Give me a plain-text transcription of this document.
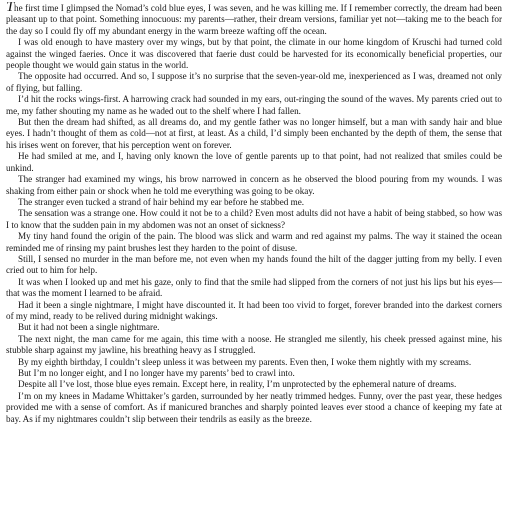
The first time I glimpsed the Nomad’s cold blue eyes, I was seven, and he was killing me. If I remember correctly, the dream had been pleasant up to that point. Something innocuous: my parents—rather, their dream versions, familiar yet not—taking me to the beach for the day so I could fly off my abundant energy in the warm breeze wafting off the ocean.

I was old enough to have mastery over my wings, but by that point, the climate in our home kingdom of Kruschi had turned cold against the winged faeries. Once it was discovered that faerie dust could be harvested for its economically beneficial properties, our people thought we would gain status in the world.

The opposite had occurred. And so, I suppose it’s no surprise that the seven-year-old me, inexperienced as I was, dreamed not only of flying, but falling.

I’d hit the rocks wings-first. A harrowing crack had sounded in my ears, out-ringing the sound of the waves. My parents cried out to me, my father shouting my name as he waded out to the shelf where I had fallen.

But then the dream had shifted, as all dreams do, and my gentle father was no longer himself, but a man with sandy hair and blue eyes. I hadn’t thought of them as cold—not at first, at least. As a child, I’d simply been enchanted by the depth of them, the sense that his irises went on forever, that his perception went on forever.

He had smiled at me, and I, having only known the love of gentle parents up to that point, had not realized that smiles could be unkind.

The stranger had examined my wings, his brow narrowed in concern as he observed the blood pouring from my wounds. I was shaking from either pain or shock when he told me everything was going to be okay.

The stranger even tucked a strand of hair behind my ear before he stabbed me.

The sensation was a strange one. How could it not be to a child? Even most adults did not have a habit of being stabbed, so how was I to know that the sudden pain in my abdomen was not an onset of sickness?

My tiny hand found the origin of the pain. The blood was slick and warm and red against my palms. The way it stained the ocean reminded me of rinsing my paint brushes lest they harden to the point of disuse.

Still, I sensed no murder in the man before me, not even when my hands found the hilt of the dagger jutting from my belly. I even cried out to him for help.

It was when I looked up and met his gaze, only to find that the smile had slipped from the corners of not just his lips but his eyes—that was the moment I learned to be afraid.

Had it been a single nightmare, I might have discounted it. It had been too vivid to forget, forever branded into the darkest corners of my mind, ready to be relived during midnight wakings.

But it had not been a single nightmare.

The next night, the man came for me again, this time with a noose. He strangled me silently, his cheek pressed against mine, his stubble sharp against my jawline, his breathing heavy as I struggled.

By my eighth birthday, I couldn’t sleep unless it was between my parents. Even then, I woke them nightly with my screams.

But I’m no longer eight, and I no longer have my parents’ bed to crawl into.

Despite all I’ve lost, those blue eyes remain. Except here, in reality, I’m unprotected by the ephemeral nature of dreams.

I’m on my knees in Madame Whittaker’s garden, surrounded by her neatly trimmed hedges. Funny, over the past year, these hedges provided me with a sense of comfort. As if manicured branches and sharply pointed leaves ever stood a chance of keeping my fate at bay. As if my nightmares couldn’t slip between their tendrils as easily as the breeze.
